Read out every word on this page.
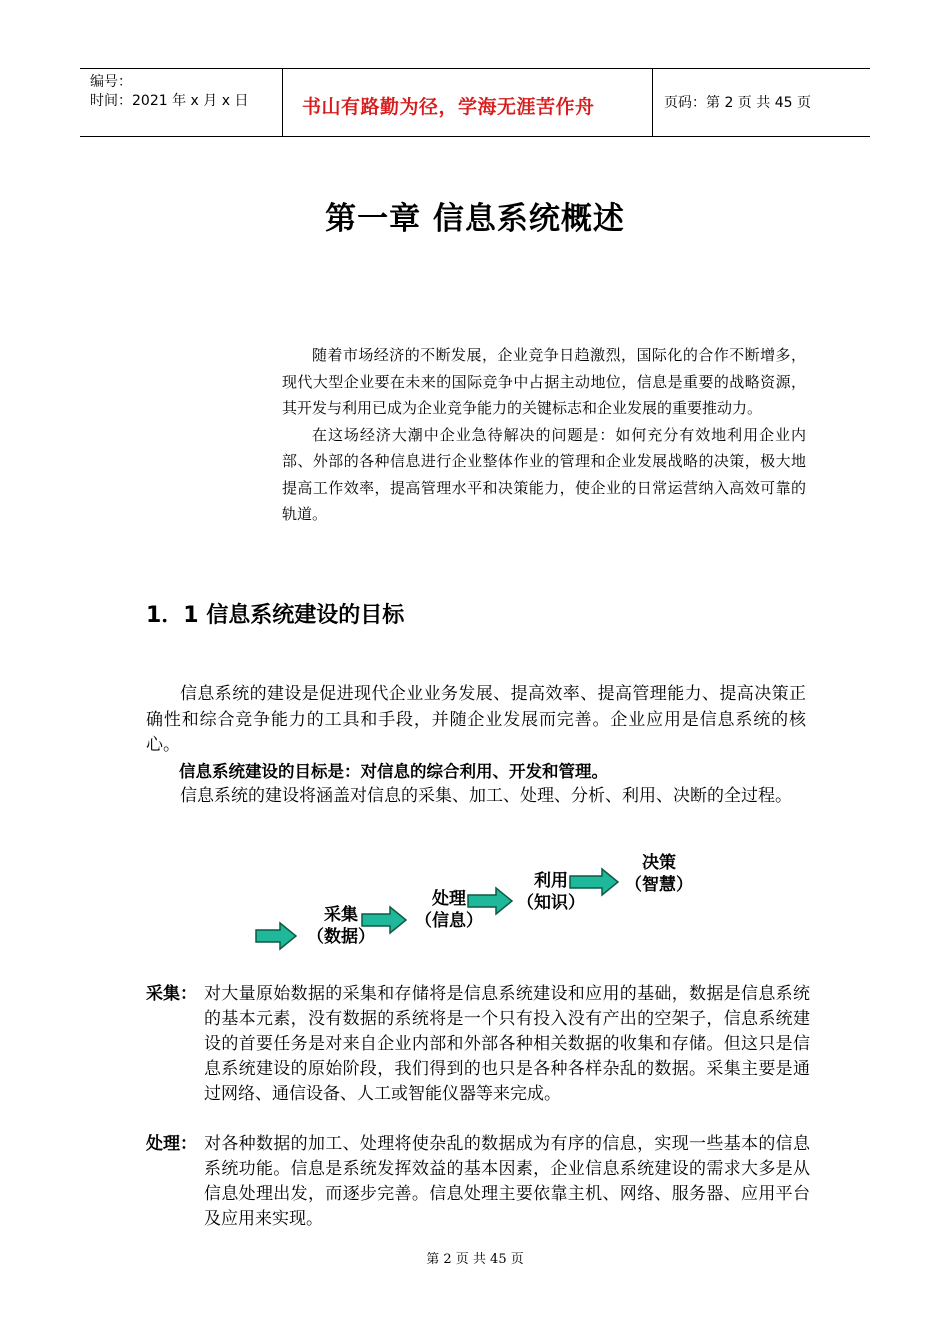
编号：
时间：2021 年 x 月 x 日	书山有路勤为径，学海无涯苦作舟	页码：第 2 页 共 45 页
第一章 信息系统概述

随着市场经济的不断发展，企业竞争日趋激烈，国际化的合作不断增多，现代大型企业要在未来的国际竞争中占据主动地位，信息是重要的战略资源，其开发与利用已成为企业竞争能力的关键标志和企业发展的重要推动力。

在这场经济大潮中企业急待解决的问题是：如何充分有效地利用企业内部、外部的各种信息进行企业整体作业的管理和企业发展战略的决策，极大地提高工作效率，提高管理水平和决策能力，使企业的日常运营纳入高效可靠的轨道。

1．1 信息系统建设的目标

信息系统的建设是促进现代企业业务发展、提高效率、提高管理能力、提高决策正确性和综合竞争能力的工具和手段，并随企业发展而完善。企业应用是信息系统的核心。

信息系统建设的目标是：对信息的综合利用、开发和管理。

信息系统的建设将涵盖对信息的采集、加工、处理、分析、利用、决断的全过程。

采集
（数据）
处理
（信息）
利用
（知识）
决策
（智慧）
采集： 对大量原始数据的采集和存储将是信息系统建设和应用的基础，数据是信息系统的基本元素，没有数据的系统将是一个只有投入没有产出的空架子，信息系统建设的首要任务是对来自企业内部和外部各种相关数据的收集和存储。但这只是信息系统建设的原始阶段，我们得到的也只是各种各样杂乱的数据。采集主要是通过网络、通信设备、人工或智能仪器等来完成。
处理： 对各种数据的加工、处理将使杂乱的数据成为有序的信息，实现一些基本的信息系统功能。信息是系统发挥效益的基本因素，企业信息系统建设的需求大多是从信息处理出发，而逐步完善。信息处理主要依靠主机、网络、服务器、应用平台及应用来实现。
第 2 页 共 45 页
